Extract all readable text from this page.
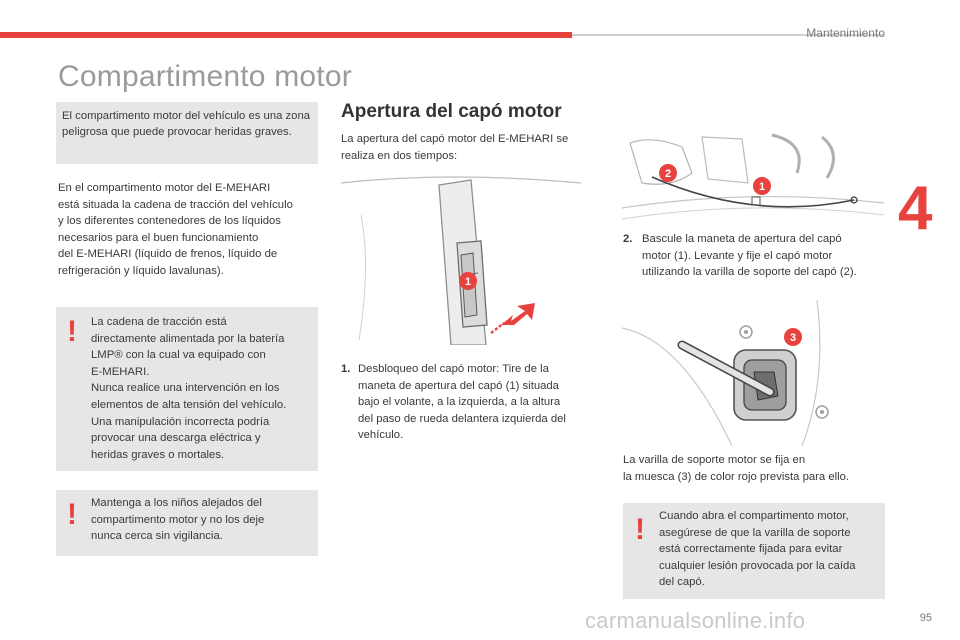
Mantenimiento
4
Compartimento motor
El compartimento motor del vehículo es una zona peligrosa que puede provocar heridas graves.
En el compartimento motor del E-MEHARI
está situada la cadena de tracción del vehículo
y los diferentes contenedores de los líquidos
necesarios para el buen funcionamiento
del E-MEHARI (líquido de frenos, líquido de
refrigeración y líquido lavalunas).
! La cadena de tracción está
directamente alimentada por la batería
LMP® con la cual va equipado con
E-MEHARI.
Nunca realice una intervención en los
elementos de alta tensión del vehículo.
Una manipulación incorrecta podría
provocar una descarga eléctrica y
heridas graves o mortales.
! Mantenga a los niños alejados del
compartimento motor y no los deje
nunca cerca sin vigilancia.
Apertura del capó motor
La apertura del capó motor del E-MEHARI se
realiza en dos tiempos:
1
1. Desbloqueo del capó motor: Tire de la
maneta de apertura del capó (1) situada
bajo el volante, a la izquierda, a la altura
del paso de rueda delantera izquierda del
vehículo.
2
1
2. Bascule la maneta de apertura del capó
motor (1). Levante y fije el capó motor
utilizando la varilla de soporte del capó (2).
3
La varilla de soporte motor se fija en
la muesca (3) de color rojo prevista para ello.
! Cuando abra el compartimento motor,
asegúrese de que la varilla de soporte
está correctamente fijada para evitar
cualquier lesión provocada por la caída
del capó.
carmanualsonline.info	95
